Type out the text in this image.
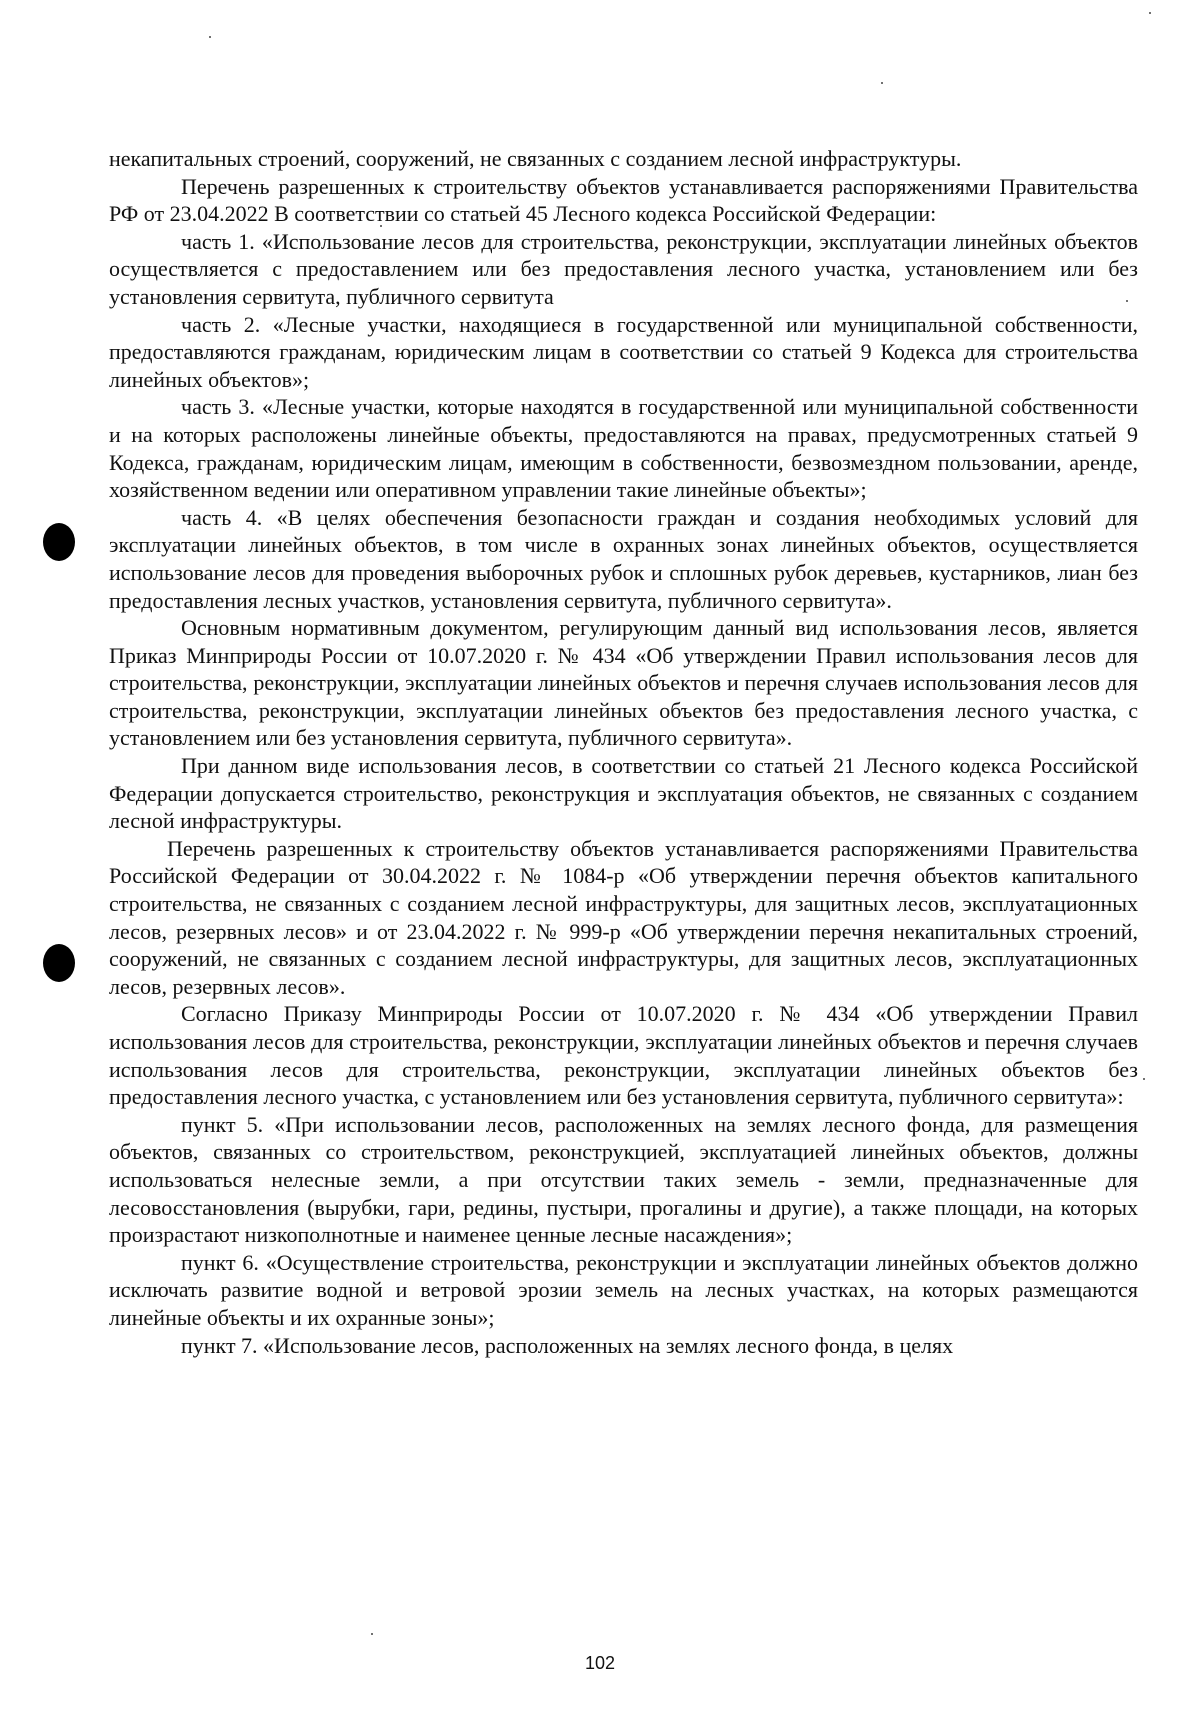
некапитальных строений, сооружений, не связанных с созданием лесной инфраструктуры.

Перечень разрешенных к строительству объектов устанавливается распоряжениями Правительства РФ от 23.04.2022 В соответствии со статьей 45 Лесного кодекса Российской Федерации:

часть 1. «Использование лесов для строительства, реконструкции, эксплуатации линейных объектов осуществляется с предоставлением или без предоставления лесного участка, установлением или без установления сервитута, публичного сервитута

часть 2. «Лесные участки, находящиеся в государственной или муниципальной собственности, предоставляются гражданам, юридическим лицам в соответствии со статьей 9 Кодекса для строительства линейных объектов»;

часть 3. «Лесные участки, которые находятся в государственной или муниципальной собственности и на которых расположены линейные объекты, предоставляются на правах, предусмотренных статьей 9 Кодекса, гражданам, юридическим лицам, имеющим в собственности, безвозмездном пользовании, аренде, хозяйственном ведении или оперативном управлении такие линейные объекты»;

часть 4. «В целях обеспечения безопасности граждан и создания необходимых условий для эксплуатации линейных объектов, в том числе в охранных зонах линейных объектов, осуществляется использование лесов для проведения выборочных рубок и сплошных рубок деревьев, кустарников, лиан без предоставления лесных участков, установления сервитута, публичного сервитута».

Основным нормативным документом, регулирующим данный вид использования лесов, является Приказ Минприроды России от 10.07.2020 г. № 434 «Об утверждении Правил использования лесов для строительства, реконструкции, эксплуатации линейных объектов и перечня случаев использования лесов для строительства, реконструкции, эксплуатации линейных объектов без предоставления лесного участка, с установлением или без установления сервитута, публичного сервитута».

При данном виде использования лесов, в соответствии со статьей 21 Лесного кодекса Российской Федерации допускается строительство, реконструкция и эксплуатация объектов, не связанных с созданием лесной инфраструктуры.

Перечень разрешенных к строительству объектов устанавливается распоряжениями Правительства Российской Федерации от 30.04.2022 г. № 1084-р «Об утверждении перечня объектов капитального строительства, не связанных с созданием лесной инфраструктуры, для защитных лесов, эксплуатационных лесов, резервных лесов» и от 23.04.2022 г. № 999-р «Об утверждении перечня некапитальных строений, сооружений, не связанных с созданием лесной инфраструктуры, для защитных лесов, эксплуатационных лесов, резервных лесов».

Согласно Приказу Минприроды России от 10.07.2020 г. № 434 «Об утверждении Правил использования лесов для строительства, реконструкции, эксплуатации линейных объектов и перечня случаев использования лесов для строительства, реконструкции, эксплуатации линейных объектов без предоставления лесного участка, с установлением или без установления сервитута, публичного сервитута»:

пункт 5. «При использовании лесов, расположенных на землях лесного фонда, для размещения объектов, связанных со строительством, реконструкцией, эксплуатацией линейных объектов, должны использоваться нелесные земли, а при отсутствии таких земель - земли, предназначенные для лесовосстановления (вырубки, гари, редины, пустыри, прогалины и другие), а также площади, на которых произрастают низкополнотные и наименее ценные лесные насаждения»;

пункт 6. «Осуществление строительства, реконструкции и эксплуатации линейных объектов должно исключать развитие водной и ветровой эрозии земель на лесных участках, на которых размещаются линейные объекты и их охранные зоны»;

пункт 7. «Использование лесов, расположенных на землях лесного фонда, в целях

102
